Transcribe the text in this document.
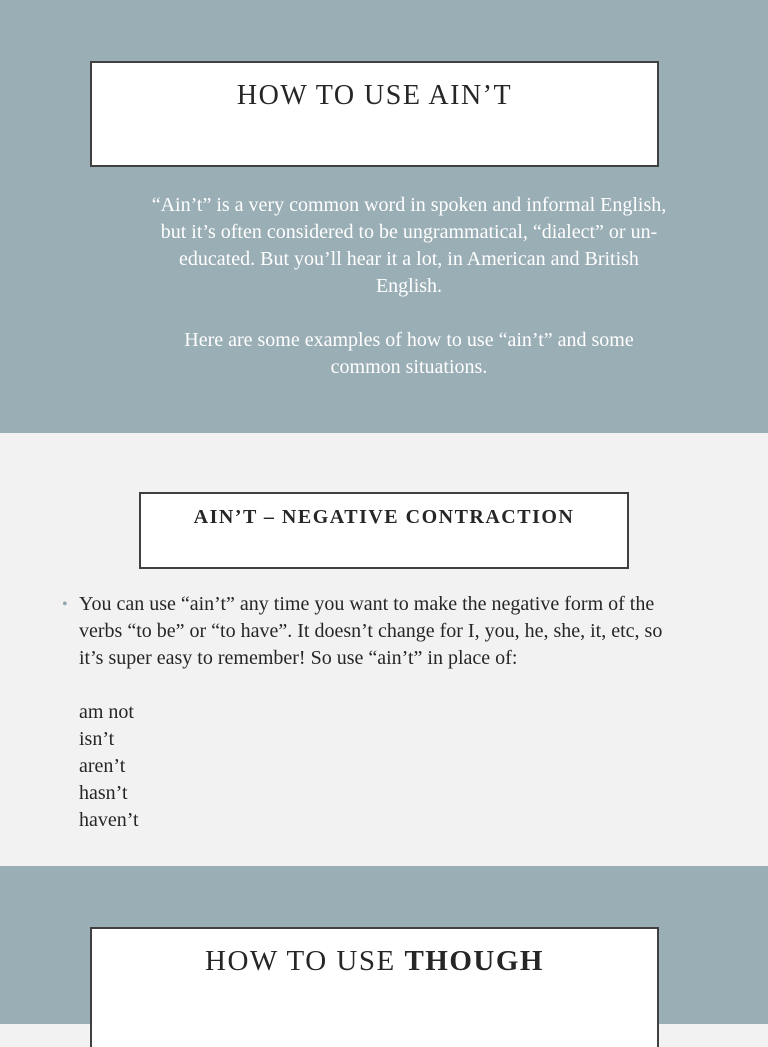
HOW TO USE AIN’T

“Ain’t” is a very common word in spoken and informal English, but it’s often considered to be ungrammatical, “dialect” or un-educated. But you’ll hear it a lot, in American and British English.

Here are some examples of how to use “ain’t” and some common situations.

AIN’T – NEGATIVE CONTRACTION
• You can use “ain’t” any time you want to make the negative form of the verbs “to be” or “to have”. It doesn’t change for I, you, he, she, it, etc, so it’s super easy to remember! So use “ain’t” in place of:

am not
isn’t
aren’t
hasn’t
haven’t
HOW TO USE THOUGH
